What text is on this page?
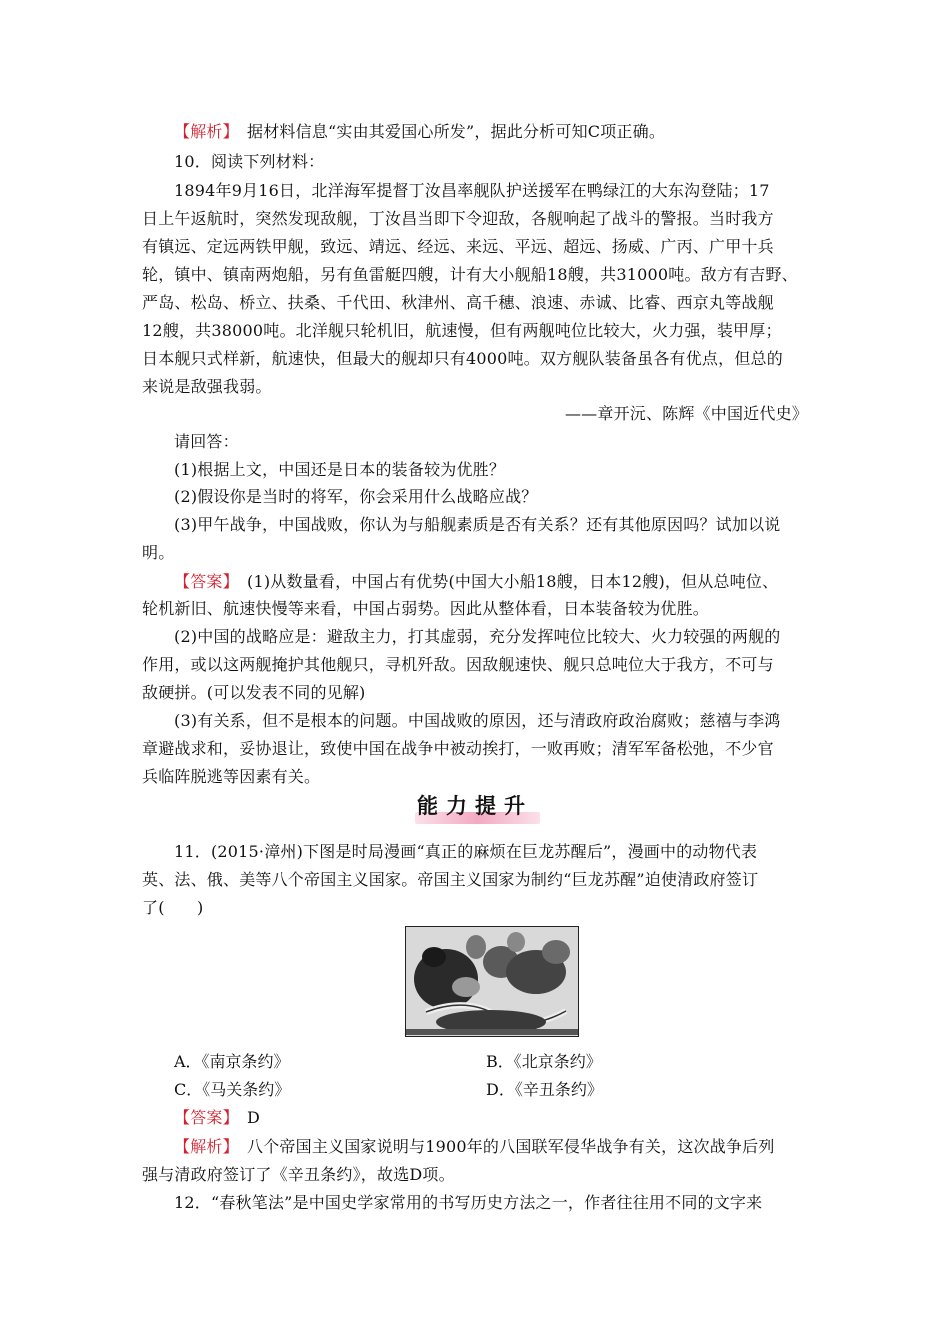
【解析】　据材料信息“实由其爱国心所发”，据此分析可知C项正确。
10．阅读下列材料：
1894年9月16日，北洋海军提督丁汝昌率舰队护送援军在鸭绿江的大东沟登陆；17
日上午返航时，突然发现敌舰，丁汝昌当即下令迎敌，各舰响起了战斗的警报。当时我方
有镇远、定远两铁甲舰，致远、靖远、经远、来远、平远、超远、扬威、广丙、广甲十兵
轮，镇中、镇南两炮船，另有鱼雷艇四艘，计有大小舰船18艘，共31000吨。敌方有吉野、
严岛、松岛、桥立、扶桑、千代田、秋津州、高千穗、浪速、赤诚、比睿、西京丸等战舰
12艘，共38000吨。北洋舰只轮机旧，航速慢，但有两舰吨位比较大，火力强，装甲厚；
日本舰只式样新，航速快，但最大的舰却只有4000吨。双方舰队装备虽各有优点，但总的
来说是敌强我弱。
——章开沅、陈辉《中国近代史》
请回答：
(1)根据上文，中国还是日本的装备较为优胜？
(2)假设你是当时的将军，你会采用什么战略应战？
(3)甲午战争，中国战败，你认为与船舰素质是否有关系？还有其他原因吗？试加以说
明。
【答案】　(1)从数量看，中国占有优势(中国大小船18艘，日本12艘)，但从总吨位、
轮机新旧、航速快慢等来看，中国占弱势。因此从整体看，日本装备较为优胜。
(2)中国的战略应是：避敌主力，打其虚弱，充分发挥吨位比较大、火力较强的两舰的
作用，或以这两舰掩护其他舰只，寻机歼敌。因敌舰速快、舰只总吨位大于我方，不可与
敌硬拼。(可以发表不同的见解)
(3)有关系，但不是根本的问题。中国战败的原因，还与清政府政治腐败；慈禧与李鸿
章避战求和，妥协退让，致使中国在战争中被动挨打，一败再败；清军军备松弛，不少官
兵临阵脱逃等因素有关。
能力提升
11．(2015·漳州)下图是时局漫画“真正的麻烦在巨龙苏醒后”，漫画中的动物代表
英、法、俄、美等八个帝国主义国家。帝国主义国家为制约“巨龙苏醒”迫使清政府签订
了(　　)
A．《南京条约》	B．《北京条约》
C．《马关条约》	D．《辛丑条约》
【答案】　D
【解析】　八个帝国主义国家说明与1900年的八国联军侵华战争有关，这次战争后列
强与清政府签订了《辛丑条约》，故选D项。
12．“春秋笔法”是中国史学家常用的书写历史方法之一，作者往往用不同的文字来
